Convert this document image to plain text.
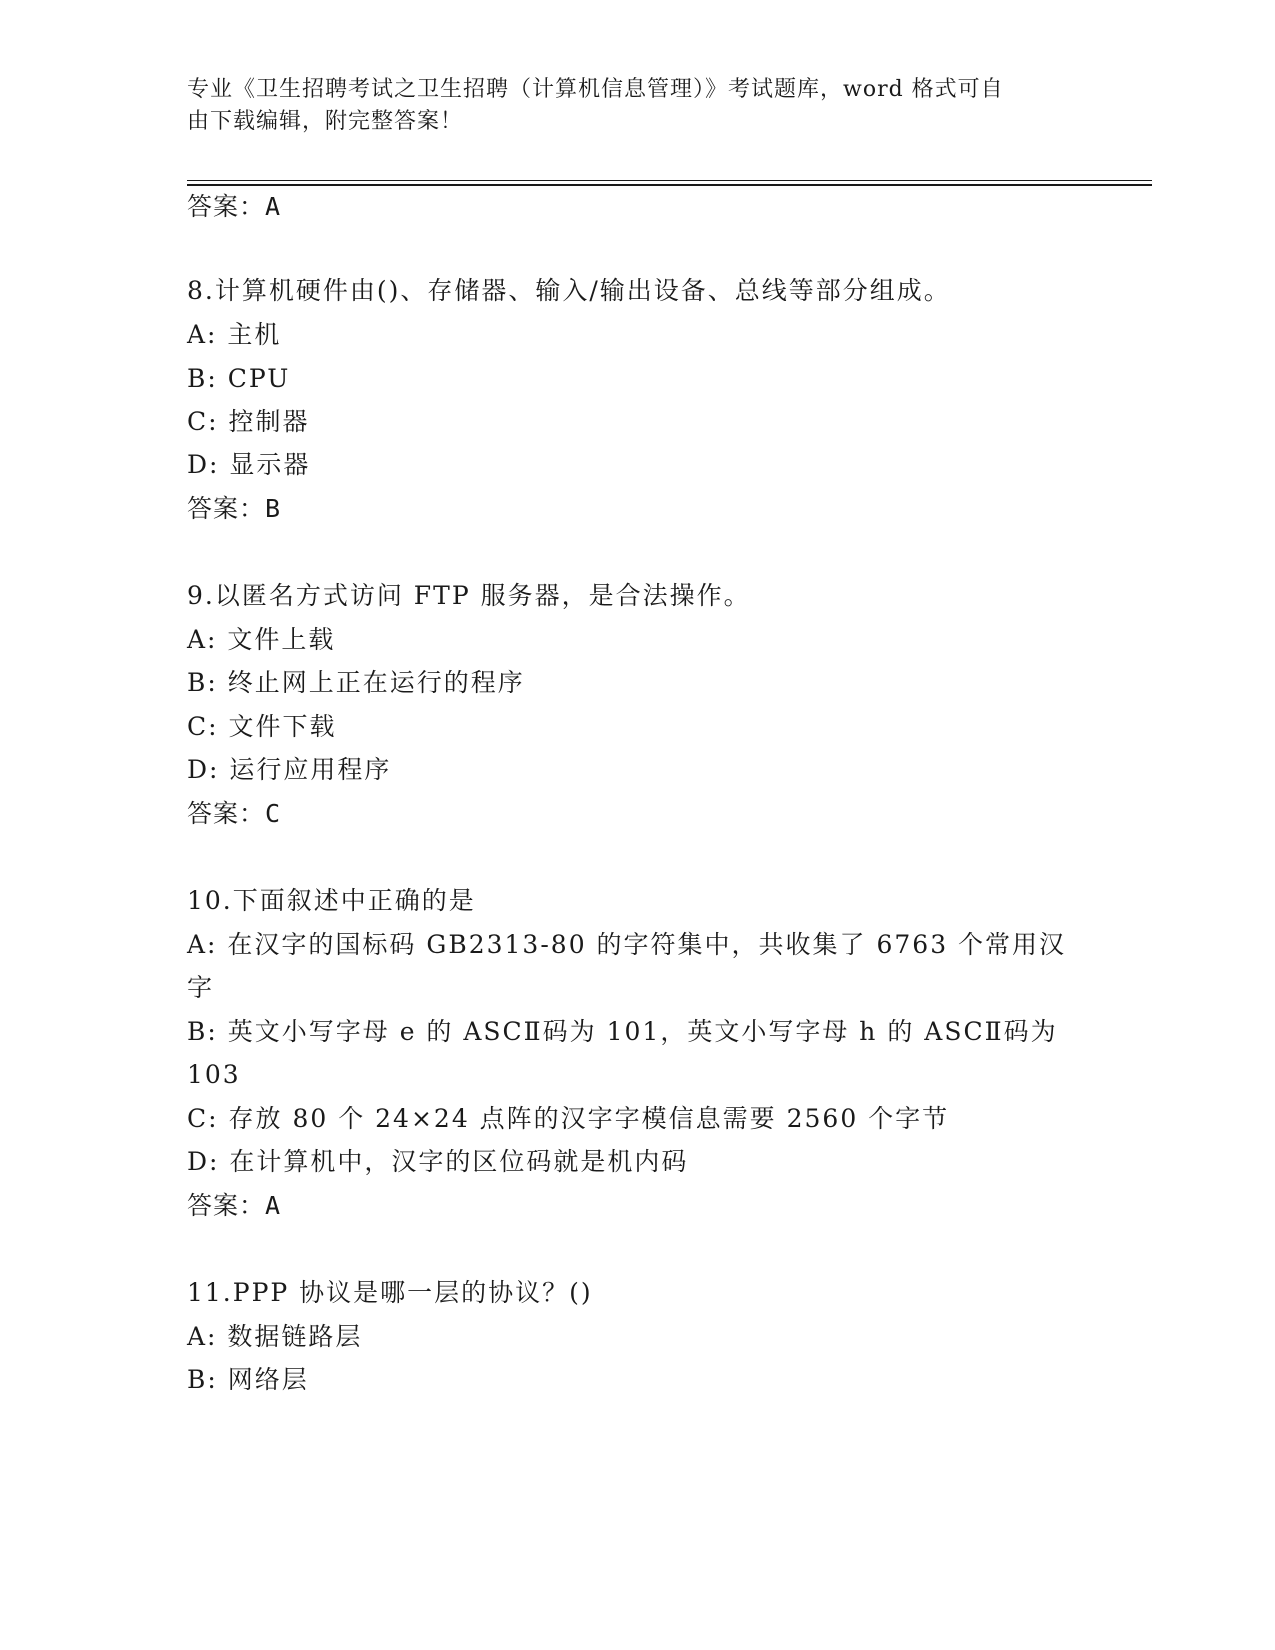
专业《卫生招聘考试之卫生招聘（计算机信息管理）》考试题库，word 格式可自
由下载编辑，附完整答案！
答案：A
8.计算机硬件由()、存储器、输入/输出设备、总线等部分组成。
A: 主机
B: CPU
C: 控制器
D: 显示器
答案：B
9.以匿名方式访问 FTP 服务器，是合法操作。
A: 文件上载
B: 终止网上正在运行的程序
C: 文件下载
D: 运行应用程序
答案：C
10.下面叙述中正确的是
A: 在汉字的国标码 GB2313-80 的字符集中，共收集了 6763 个常用汉
字
B: 英文小写字母 e 的 ASCⅡ码为 101，英文小写字母 h 的 ASCⅡ码为
103
C: 存放 80 个 24×24 点阵的汉字字模信息需要 2560 个字节
D: 在计算机中，汉字的区位码就是机内码
答案：A
11.PPP 协议是哪一层的协议？()
A: 数据链路层
B: 网络层
